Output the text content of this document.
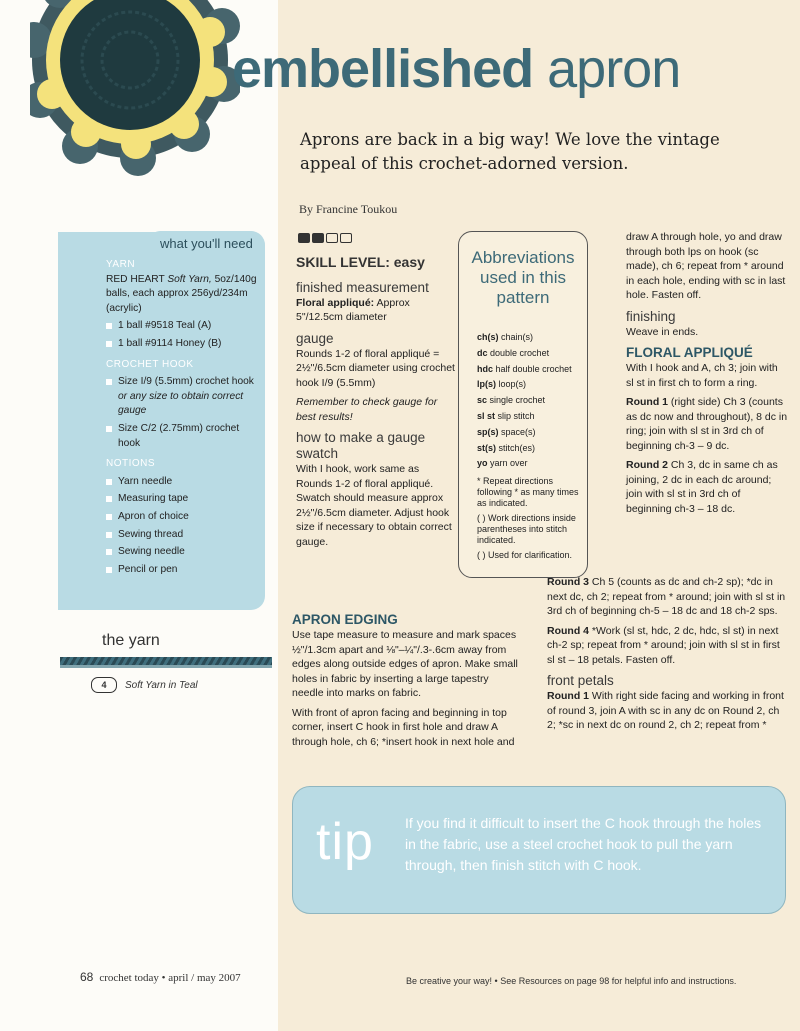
embellished apron
Aprons are back in a big way! We love the vintage appeal of this crochet-adorned version.
By Francine Toukou
SKILL LEVEL: easy
finished measurement
Floral appliqué: Approx 5"/12.5cm diameter
gauge
Rounds 1-2 of floral appliqué = 2½"/6.5cm diameter using crochet hook I/9 (5.5mm)
Remember to check gauge for best results!
how to make a gauge swatch
With I hook, work same as Rounds 1-2 of floral appliqué. Swatch should measure approx 2½"/6.5cm diameter. Adjust hook size if necessary to obtain correct gauge.
APRON EDGING
Use tape measure to measure and mark spaces ½"/1.3cm apart and ⅛"–¼"/.3-.6cm away from edges along outside edges of apron. Make small holes in fabric by inserting a large tapestry needle into marks on fabric.
With front of apron facing and beginning in top corner, insert C hook in first hole and draw A through hole, ch 6; *insert hook in next hole and
Abbreviations used in this pattern
ch(s) chain(s)
dc double crochet
hdc half double crochet
lp(s) loop(s)
sc single crochet
sl st slip stitch
sp(s) space(s)
st(s) stitch(es)
yo yarn over
* Repeat directions following * as many times as indicated.
( ) Work directions inside parentheses into stitch indicated.
( ) Used for clarification.
draw A through hole, yo and draw through both lps on hook (sc made), ch 6; repeat from * around in each hole, ending with sc in last hole. Fasten off.
finishing
Weave in ends.
FLORAL APPLIQUÉ
With I hook and A, ch 3; join with sl st in first ch to form a ring.
Round 1 (right side) Ch 3 (counts as dc now and throughout), 8 dc in ring; join with sl st in 3rd ch of beginning ch-3 – 9 dc.
Round 2 Ch 3, dc in same ch as joining, 2 dc in each dc around; join with sl st in 3rd ch of beginning ch-3 – 18 dc.
Round 3 Ch 5 (counts as dc and ch-2 sp); *dc in next dc, ch 2; repeat from * around; join with sl st in 3rd ch of beginning ch-5 – 18 dc and 18 ch-2 sps.
Round 4 *Work (sl st, hdc, 2 dc, hdc, sl st) in next ch-2 sp; repeat from * around; join with sl st in first sl st – 18 petals. Fasten off.
front petals
Round 1 With right side facing and working in front of round 3, join A with sc in any dc on Round 2, ch 2; *sc in next dc on round 2, ch 2; repeat from *
what you'll need
YARN
RED HEART Soft Yarn, 5oz/140g balls, each approx 256yd/234m (acrylic)
1 ball #9518 Teal (A)
1 ball #9114 Honey (B)
CROCHET HOOK
Size I/9 (5.5mm) crochet hook or any size to obtain correct gauge
Size C/2 (2.75mm) crochet hook
NOTIONS
Yarn needle
Measuring tape
Apron of choice
Sewing thread
Sewing needle
Pencil or pen
the yarn
4	Soft Yarn in Teal
tip If you find it difficult to insert the C hook through the holes in the fabric, use a steel crochet hook to pull the yarn through, then finish stitch with C hook.
68 crochet today • april / may 2007	Be creative your way! • See Resources on page 98 for helpful info and instructions.
